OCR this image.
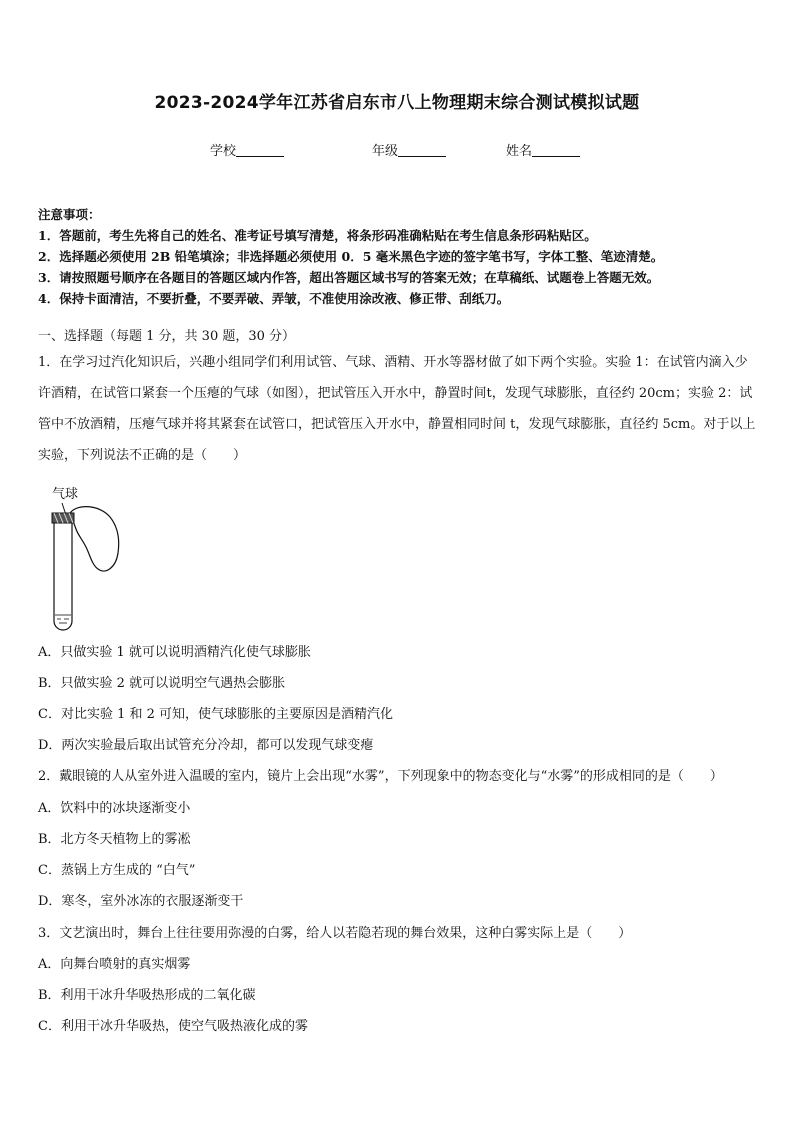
2023-2024学年江苏省启东市八上物理期末综合测试模拟试题
学校	年级	姓名
注意事项：
1．答题前，考生先将自己的姓名、准考证号填写清楚，将条形码准确粘贴在考生信息条形码粘贴区。
2．选择题必须使用 2B 铅笔填涂；非选择题必须使用 0．5 毫米黑色字迹的签字笔书写，字体工整、笔迹清楚。
3．请按照题号顺序在各题目的答题区域内作答，超出答题区域书写的答案无效；在草稿纸、试题卷上答题无效。
4．保持卡面清洁，不要折叠，不要弄破、弄皱，不准使用涂改液、修正带、刮纸刀。
一、选择题（每题 1 分，共 30 题，30 分）
1．在学习过汽化知识后，兴趣小组同学们利用试管、气球、酒精、开水等器材做了如下两个实验。实验 1：在试管内滴入少许酒精，在试管口紧套一个压瘪的气球（如图），把试管压入开水中，静置时间t，发现气球膨胀，直径约 20cm；实验 2：试管中不放酒精，压瘪气球并将其紧套在试管口，把试管压入开水中，静置相同时间 t，发现气球膨胀，直径约 5cm。对于以上实验，下列说法不正确的是（　　）
气球
A．只做实验 1 就可以说明酒精汽化使气球膨胀
B．只做实验 2 就可以说明空气遇热会膨胀
C．对比实验 1 和 2 可知，使气球膨胀的主要原因是酒精汽化
D．两次实验最后取出试管充分冷却，都可以发现气球变瘪
2．戴眼镜的人从室外进入温暖的室内，镜片上会出现“水雾”，下列现象中的物态变化与“水雾”的形成相同的是（　　）
A．饮料中的冰块逐渐变小
B．北方冬天植物上的雾凇
C．蒸锅上方生成的 “白气”
D．寒冬，室外冰冻的衣服逐渐变干
3．文艺演出时，舞台上往往要用弥漫的白雾，给人以若隐若现的舞台效果，这种白雾实际上是（　　）
A．向舞台喷射的真实烟雾
B．利用干冰升华吸热形成的二氧化碳
C．利用干冰升华吸热，使空气吸热液化成的雾
